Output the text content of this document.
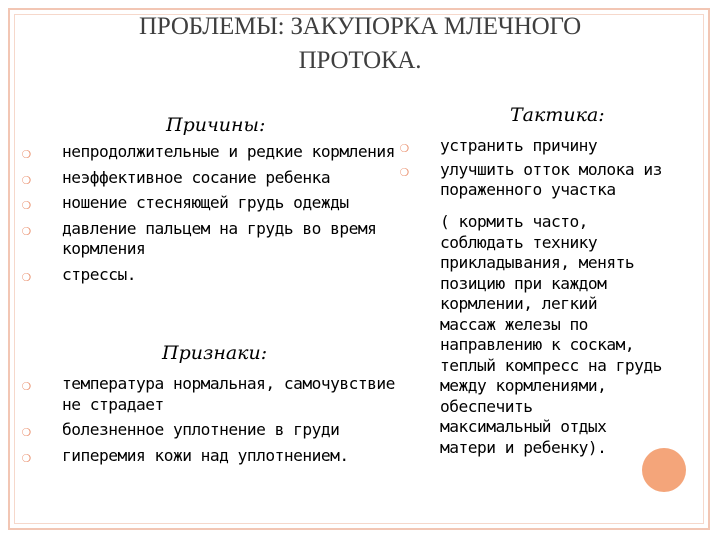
ПРОБЛЕМЫ: ЗАКУПОРКА МЛЕЧНОГО ПРОТОКА.
Причины:
❍ непродолжительные и редкие кормления
❍ неэффективное сосание ребенка
❍ ношение стесняющей грудь одежды
❍ давление пальцем на грудь во время кормления
❍ стрессы.
Признаки:
❍ температура нормальная, самочувствие не страдает
❍ болезненное уплотнение в груди
❍ гиперемия кожи над уплотнением.
Тактика:
❍ устранить причину
❍ улучшить отток молока из пораженного участка

( кормить часто,
соблюдать технику
прикладывания, менять
позицию при каждом
кормлении, легкий
массаж железы по
направлению к соскам,
теплый компресс на грудь
между кормлениями,
обеспечить
максимальный отдых
матери и ребенку).
